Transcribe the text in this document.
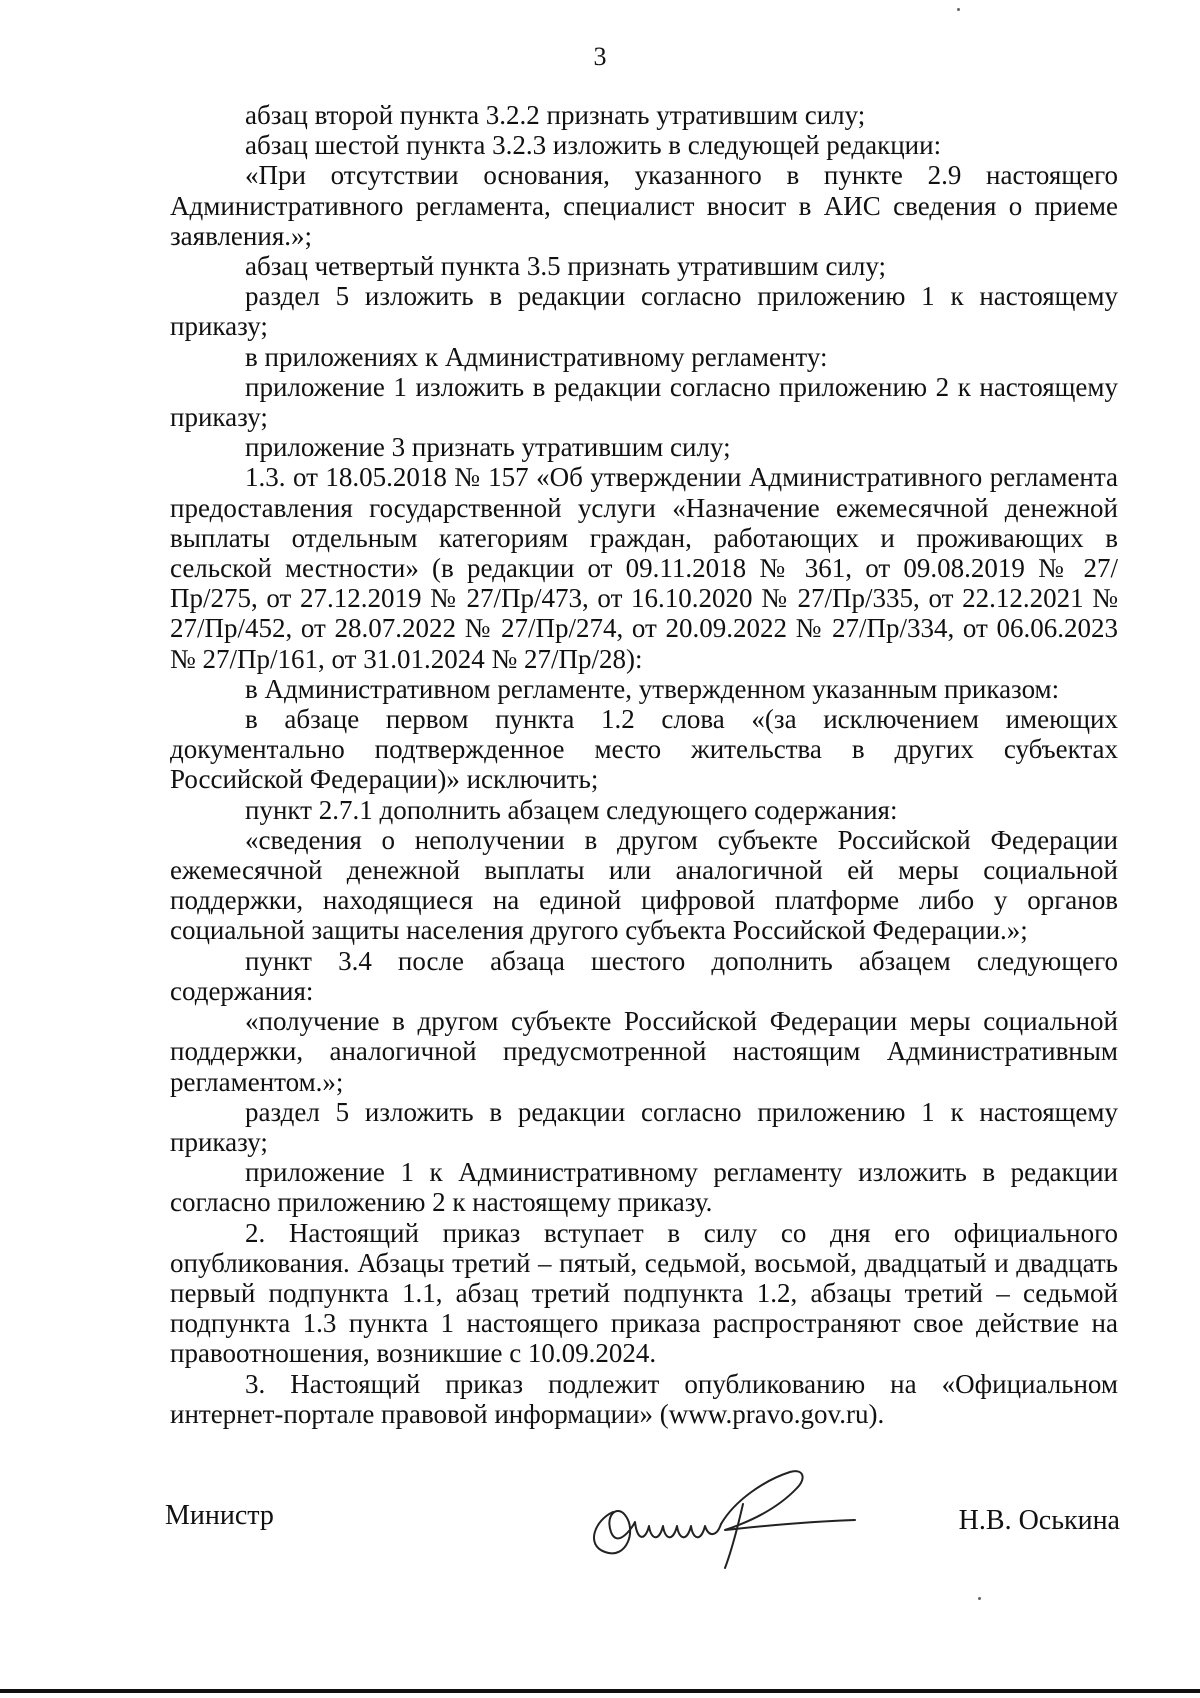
3

абзац второй пункта 3.2.2 признать утратившим силу;

абзац шестой пункта 3.2.3 изложить в следующей редакции:

«При отсутствии основания, указанного в пункте 2.9 настоящего Административного регламента, специалист вносит в АИС сведения о приеме заявления.»;

абзац четвертый пункта 3.5 признать утратившим силу;

раздел 5 изложить в редакции согласно приложению 1 к настоящему приказу;

в приложениях к Административному регламенту:

приложение 1 изложить в редакции согласно приложению 2 к настоящему приказу;

приложение 3 признать утратившим силу;

1.3. от 18.05.2018 № 157 «Об утверждении Административного регламента предоставления государственной услуги «Назначение ежемесячной денежной выплаты отдельным категориям граждан, работающих и проживающих в сельской местности» (в редакции от 09.11.2018 № 361, от 09.08.2019 № 27/Пр/275, от 27.12.2019 № 27/Пр/473, от 16.10.2020 № 27/Пр/335, от 22.12.2021 № 27/Пр/452, от 28.07.2022 № 27/Пр/274, от 20.09.2022 № 27/Пр/334, от 06.06.2023 № 27/Пр/161, от 31.01.2024 № 27/Пр/28):

в Административном регламенте, утвержденном указанным приказом:

в абзаце первом пункта 1.2 слова «(за исключением имеющих документально подтвержденное место жительства в других субъектах Российской Федерации)» исключить;

пункт 2.7.1 дополнить абзацем следующего содержания:

«сведения о неполучении в другом субъекте Российской Федерации ежемесячной денежной выплаты или аналогичной ей меры социальной поддержки, находящиеся на единой цифровой платформе либо у органов социальной защиты населения другого субъекта Российской Федерации.»;

пункт 3.4 после абзаца шестого дополнить абзацем следующего содержания:

«получение в другом субъекте Российской Федерации меры социальной поддержки, аналогичной предусмотренной настоящим Административным регламентом.»;

раздел 5 изложить в редакции согласно приложению 1 к настоящему приказу;

приложение 1 к Административному регламенту изложить в редакции согласно приложению 2 к настоящему приказу.

2. Настоящий приказ вступает в силу со дня его официального опубликования. Абзацы третий – пятый, седьмой, восьмой, двадцатый и двадцать первый подпункта 1.1, абзац третий подпункта 1.2, абзацы третий – седьмой подпункта 1.3 пункта 1 настоящего приказа распространяют свое действие на правоотношения, возникшие с 10.09.2024.

3. Настоящий приказ подлежит опубликованию на «Официальном интернет-портале правовой информации» (www.pravo.gov.ru).

Министр	Н.В. Оськина
